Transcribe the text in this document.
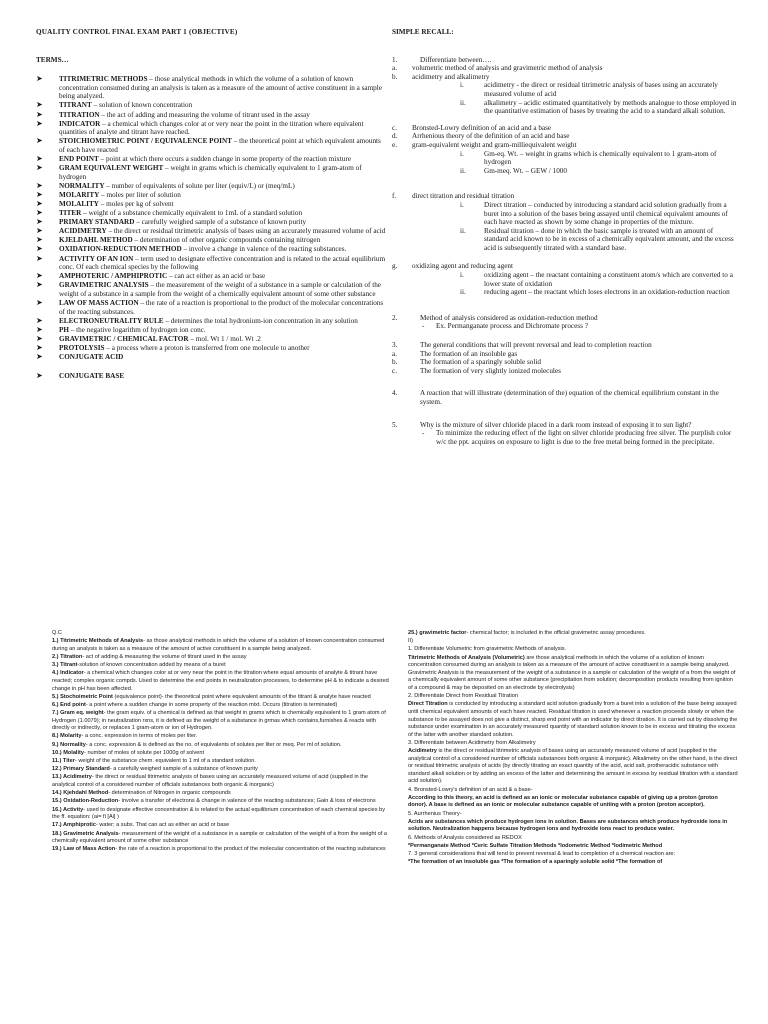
QUALITY CONTROL FINAL EXAM PART 1 (OBJECTIVE)
TERMS…
➤ TITRIMETRIC METHODS – those analytical methods in which the volume of a solution of known concentration consumed during an analysis is taken as a measure of the amount of active constituent in a sample being analyzed.
➤ TITRANT – solution of known concentration
➤ TITRATION – the act of adding and measuring the volume of titrant used in the assay
➤ INDICATOR – a chemical which changes color at or very near the point in the titration where equivalent quantities of analyte and titrant have reached.
➤ STOICHIOMETRIC POINT / EQUIVALENCE POINT – the theoretical point at which equivalent amounts of each have reacted
➤ END POINT – point at which there occurs a sudden change in some property of the reaction mixture
➤ GRAM EQUIVALENT WEIGHT – weight in grams which is chemically equivalent to 1 gram-atom of hydrogen
➤ NORMALITY – number of equivalents of solute per liter (equiv/L) or (meq/mL)
➤ MOLARITY – moles per liter of solution
➤ MOLALITY – moles per kg of solvent
➤ TITER – weight of a substance chemically equivalent to 1mL of a standard solution
➤ PRIMARY STANDARD – carefully weighed sample of a substance of known purity
➤ ACIDIMETRY – the direct or residual titrimetric analysis of bases using an accurately measured volume of acid
➤ KJELDAHL METHOD – determination of other organic compounds containing nitrogen
➤ OXIDATION-REDUCTION METHOD – involve a change in valence of the reacting substances.
➤ ACTIVITY OF AN ION – term used to designate effective concentration and is related to the actual equilibrium conc. Of each chemical species by the following
➤ AMPHOTERIC / AMPHIPROTIC – can act either as an acid or base
➤ GRAVIMETRIC ANALYSIS – the measurement of the weight of a substance in a sample or calculation of the weight of a substance in a sample from the weight of a chemically equivalent amount of some other substance
➤ LAW OF MASS ACTION – the rate of a reaction is proportional to the product of the molecular concentrations of the reacting substances.
➤ ELECTRONEUTRALITY RULE – determines the total hydronium-ion concentration in any solution
➤ PH – the negative logarithm of hydrogen ion conc.
➤ GRAVIMETRIC / CHEMICAL FACTOR – mol. Wt 1 / mol. Wt .2
➤ PROTOLYSIS – a process where a proton is transferred from one molecule to another
➤ CONJUGATE ACID
➤ CONJUGATE BASE
SIMPLE RECALL:
1.	Differentiate between….
a. volumetric method of analysis and gravimetric method of analysis
b. acidimetry and alkalimetry
i.	acidimetry - the direct or residual titrimetric analysis of bases using an accurately measured volume of acid
ii.	alkalimetry – acidic estimated quantitatively by methods analogue to those employed in the quantitative estimation of bases by treating the acid to a standard alkali solution.
c. Bronsted-Lowry definition of an acid and a base
d. Arrhenious theory of the definition of an acid and base
e. gram-equivalent weight and gram-milliequivalent weight
i.	Gm-eq. Wt. – weight in grams which is chemically equivalent to 1 gram-atom of hydrogen
ii.	Gm-meq. Wt. – GEW / 1000
f. direct titration and residual titration
i.	Direct titration – conducted by introducing a standard acid solution gradually from a buret into a solution of the bases being assayed until chemical equivalent amounts of each have reacted as shown by some change in properties of the mixture.
ii.	Residual titration – done in which the basic sample is treated with an amount of standard acid known to be in excess of a chemically equivalent amount, and the excess acid is subsequently titrated with a standard base.
g. oxidizing agent and reducing agent
i.	oxidizing agent – the reactant containing a constituent atom/s which are converted to a lower state of oxidation
ii.	reducing agent – the reactant which loses electrons in an oxidation-reduction reaction
2.	Method of analysis considered as oxidation-reduction method
- Ex. Permanganate process and Dichromate process ?
3.	The general conditions that will prevent reversal and lead to completion reaction
a.	The formation of an insoluble gas
b.	The formation of a sparingly soluble solid
c.	The formation of very slightly ionized molecules
4.	A reaction that will illustrate (determination of the) equation of the chemical equilibrium constant in the system.
5.	Why is the mixture of silver chloride placed in a dark room instead of exposing it to sun light?
- To minimize the reducing effect of the light on silver chloride producing free silver. The purplish color w/c the ppt. acquires on exposure to light is due to the free metal being formed in the precipitate.
Q.C
1.) Titrimetric Methods of Analysis- as those analytical methods in which the volume of a solution of known concentration consumed during an analysis is taken as a measure of the amount of active constituent in a sample being analyzed.
2.) Titration- act of adding & measuring the volume of titrant used in the assay
3.) Titrant-solution of known concentration added by means of a buret
4.) Indicator- a chemical which changes color at or very near the point in the titration where equal amounts of analyte & titrant have reacted; complex organic compds. Used to determine the end points in neutralization processes, to determine pH & to indicate a desired change in pH has been affected.
5.) Stochoimetric Point (equivalence point)- the theoretical point where equivalent amounts of the titrant & analyte have reacted
6.) End point- a point where a sudden change in some property of the reaction mixt. Occurs (titration is terminated)
7.) Gram eq. weight- the gram equiv. of a chemical is defined as that weight in grams which is chemically equivalent to 1 gram atom of Hydrogen (1.0079); in neutralization rxns, it is defined as the weight of a substance in grmas which contains,furnishes & reacts with directly or indirectly, or replaces 1 gram-atom or ion of Hydrogen.
8.) Molarity- a conc. expression in terms of moles per liter.
9.) Normality- a conc. expression & is defined as the no. of equivalents of solutes per liter or meq. Per ml of solution.
10.) Molality- number of moles of solute per 1000g of solvent
11.) Titer- weight of the substance chem. equivalent to 1 ml of a standard solution.
12.) Primary Standard- a carefully weighed sample of a substance of known purity
13.) Acidimetry- the direct or residual titrimetric analysis of bases using an accurately measured volume of acid (supplied in the analytical control of a considered number of officials substances both organic & inorganic)
14.) Kjehdahl Method- determination of Nitrogen in organic compounds
15.) Oxidation-Reduction- involve a transfer of electrons & change in valence of the reacting substances; Gain & loss of electrons
16.) Activity- used to designate effective concentration & is related to the actual equilibrium concentration of each chemical species by the ff. equation: (ai= fi [Ai] )
17.) Amphiprotic- water; a subs. That can act as either an acid or base
18.) Gravimetric Analysis- measurement of the weight of a substance in a sample or calculation of the weight of a from the weight of a chemically equivalent amount of some other substance
19.) Law of Mass Action- the rate of a reaction is proportional to the product of the molecular concentration of the reacting substances
25.) gravimetric factor- chemical factor; is included in the official gravimetric assay procedures.
II)
1. Differentiate Volumetric from gravimetric Methods of analysis.
Titrimetric Methods of Analysis (Volumetric) are those analytical methods in which the volume of a solution of known concentration consumed during an analysis is taken as a measure of the amount of active constituent in a sample being analyzed. Gravimetric Analysis is the measurement of the weight of a substance in a sample or calculation of the weight of a from the weight of a chemically equivalent amount of some other substance (precipitation from solution; decomposition products resulting from ignition of a compound & may be deposited on an electrode by electrolysis)
2. Differentiate Direct from Residual Titration
Direct Titration is conducted by introducing a standard acid solution gradually from a buret into a solution of the base being assayed until chemical equivalent amounts of each have reacted. Residual titration is used whenever a reaction proceeds slowly or when the substance to be assayed does not give a distinct, sharp end point with an indicator by direct titration. It is carried out by dissolving the substance under examination in an accurately measured quantity of standard solution known to be in excess and titrating the excess of the latter with another standard solution.
3. Differentiate between Acidimetry from Alkalimetry
Acidimetry is the direct or residual titrimetric analysis of bases using an accurately measured volume of acid (supplied in the analytical control of a considered number of officials substances both organic & inorganic). Alkalimetry on the other hand, is the direct or residual titrimetric analysis of acids (by directly titrating an exact quantity of the acid, acid salt, protheracidic substance with standard alkali solution or by adding an excess of the latter and determining the amount in excess by residual titration with a standard acid solution).
4. Bronsted-Lowry's definition of an acid & a base-
According to this theory, an acid is defined as an ionic or molecular substance capable of giving up a proton (proton donor). A base is defined as an ionic or molecular substance capable of uniting with a proton (proton acceptor).
5. Aurrhenius Theory-
Acids are substances which produce hydrogen ions in solution. Bases are substances which produce hydroxide ions in solution. Neutralization happens because hydrogen ions and hydroxide ions react to produce water.
6. Methods of Analysis considered as REDOX
*Permanganate Method *Ceric Sulfate Titration Methods *Iodometric Method *Iodimetric Method
7. 3 general considerations that will tend to prevent reversal & lead to completion of a chemical reaction are:
*The formation of an insoluble gas *The formation of a sparingly soluble solid *The formation of
